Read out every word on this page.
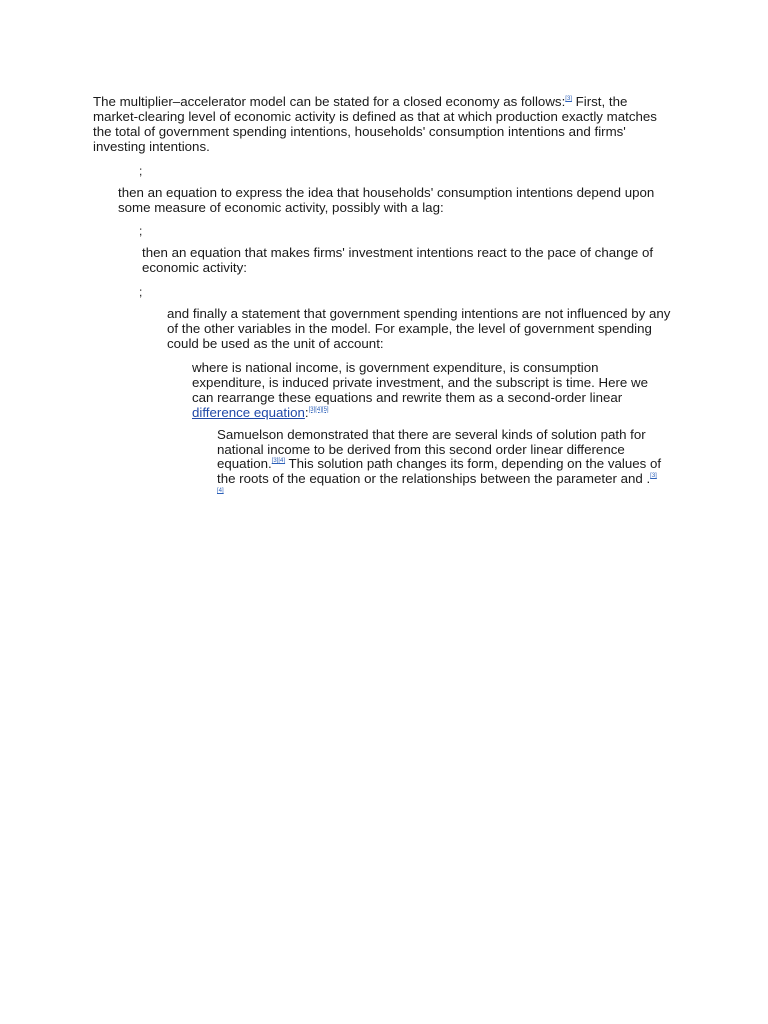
The multiplier–accelerator model can be stated for a closed economy as follows:[3] First, the market-clearing level of economic activity is defined as that at which production exactly matches the total of government spending intentions, households' consumption intentions and firms' investing intentions.

;

then an equation to express the idea that households' consumption intentions depend upon some measure of economic activity, possibly with a lag:

;

then an equation that makes firms' investment intentions react to the pace of change of economic activity:

;

and finally a statement that government spending intentions are not influenced by any of the other variables in the model. For example, the level of government spending could be used as the unit of account:

where is national income, is government expenditure, is consumption expenditure, is induced private investment, and the subscript is time. Here we can rearrange these equations and rewrite them as a second-order linear difference equation:[3][4][5]

Samuelson demonstrated that there are several kinds of solution path for national income to be derived from this second order linear difference equation.[3][4] This solution path changes its form, depending on the values of the roots of the equation or the relationships between the parameter and .[3]
[4]
